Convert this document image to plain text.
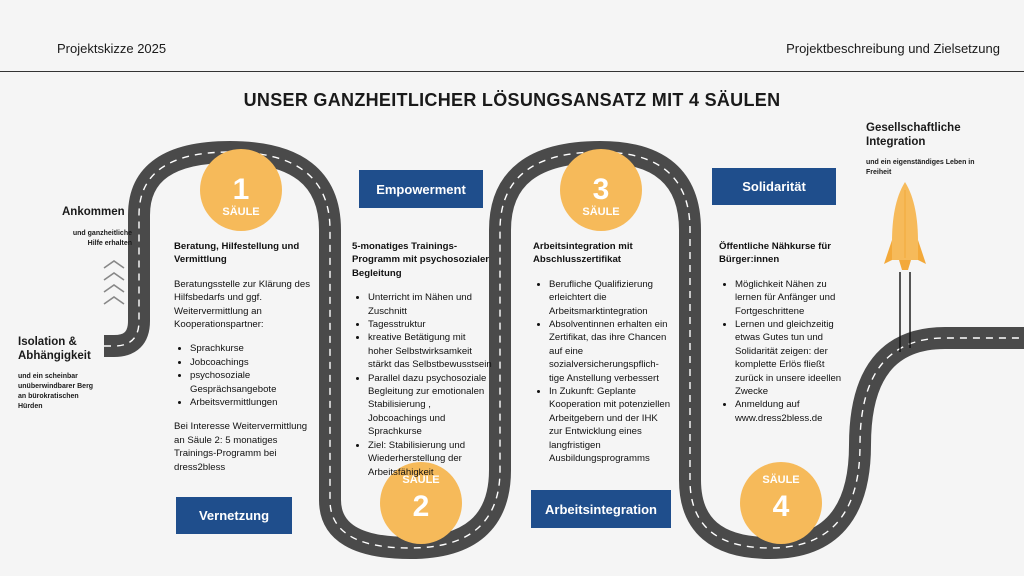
Projektskizze 2025	Projektbeschreibung und Zielsetzung
UNSER GANZHEITLICHER LÖSUNGSANSATZ MIT 4 SÄULEN
Isolation & Abhängigkeit
und ein scheinbar unüberwindbarer Berg an bürokratischen Hürden
Ankommen
und ganzheitliche Hilfe erhalten
Gesellschaftliche Integration
und ein eigenständiges Leben in Freiheit
1
SÄULE
SÄULE
2
3
SÄULE
SÄULE
4
Vernetzung
Empowerment
Arbeitsintegration
Solidarität
Beratung, Hilfestellung und Vermittlung
Beratungsstelle zur Klärung des Hilfsbedarfs und ggf. Weitervermittlung an Kooperationspartner:
• Sprachkurse
• Jobcoachings
• psychosoziale Gesprächsangebote
• Arbeitsvermittlungen
Bei Interesse Weitervermittlung an Säule 2: 5 monatiges Trainings-Programm bei dress2bless
5-monatiges Trainings-Programm mit psychosozialer Begleitung
• Unterricht im Nähen und Zuschnitt
• Tagesstruktur
• kreative Betätigung mit hoher Selbstwirksamkeit stärkt das Selbstbewusstsein
• Parallel dazu psychosoziale Begleitung zur emotionalen Stabilisierung , Jobcoachings und Sprachkurse
• Ziel: Stabilisierung und Wiederherstellung der Arbeitsfähigkeit
Arbeitsintegration mit Abschlusszertifikat
• Berufliche Qualifizierung erleichtert die Arbeitsmarktintegration
• Absolventinnen erhalten ein Zertifikat, das ihre Chancen auf eine sozialversicherungspflich-tige Anstellung verbessert
• In Zukunft: Geplante Kooperation mit potenziellen Arbeitgebern und der IHK zur Entwicklung eines langfristigen Ausbildungsprogramms
Öffentliche Nähkurse für Bürger:innen
• Möglichkeit Nähen zu lernen für Anfänger und Fortgeschrittene
• Lernen und gleichzeitig etwas Gutes tun und Solidarität zeigen: der komplette Erlös fließt zurück in unsere ideellen Zwecke
• Anmeldung auf www.dress2bless.de
